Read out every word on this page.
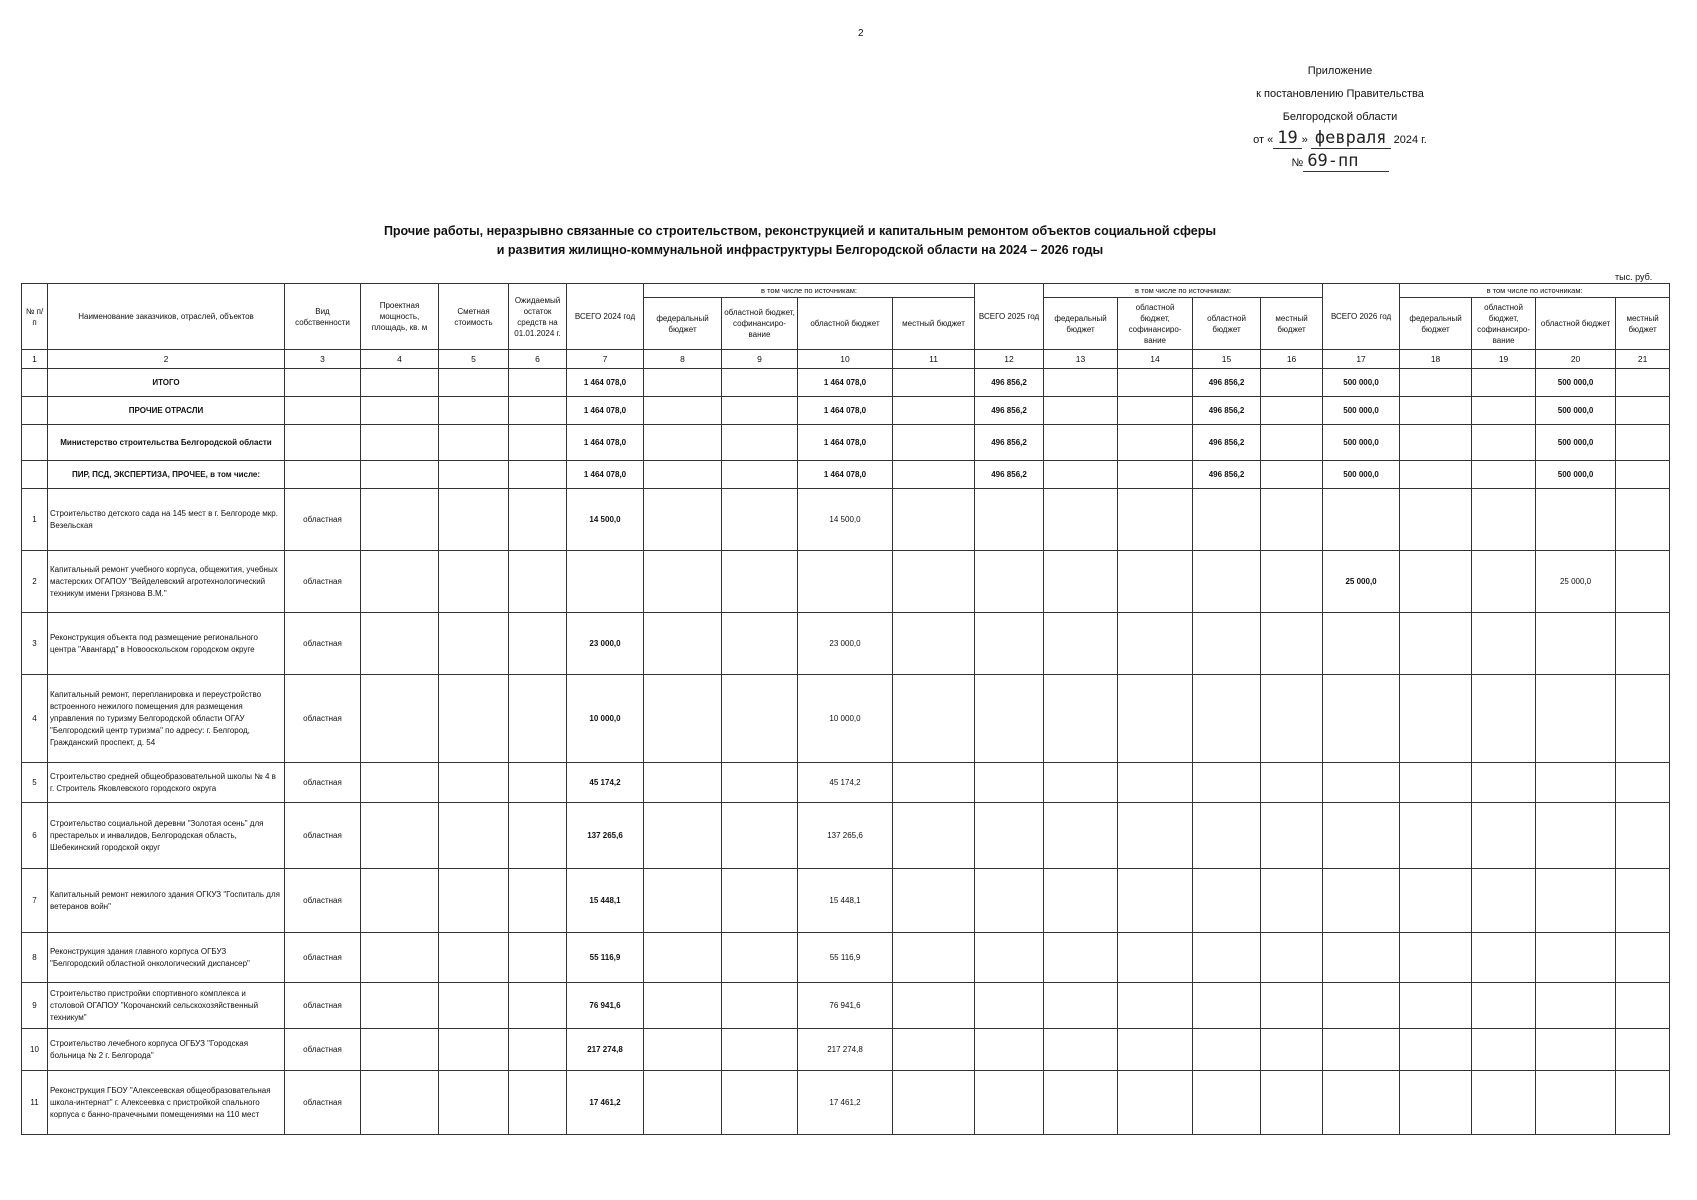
2
Приложение
к постановлению Правительства
Белгородской области
от « 19 » февраля 2024 г.
№ 69-пп
Прочие работы, неразрывно связанные со строительством, реконструкцией и капитальным ремонтом объектов социальной сферы
и развития жилищно-коммунальной инфраструктуры Белгородской области на 2024 – 2026 годы
тыс. руб.
№ п/п	Наименование заказчиков, отраслей, объектов	Вид собственности	Проектная мощность, площадь, кв. м	Сметная стоимость	Ожидаемый остаток средств на 01.01.2024 г.	ВСЕГО 2024 год	в том числе по источникам:				ВСЕГО 2025 год	в том числе по источникам:				ВСЕГО 2026 год	в том числе по источникам:			
							федеральный бюджет	областной бюджет, софинансиро-вание	областной бюджет	местный бюджет		федеральный бюджет	областной бюджет, софинансиро-вание	областной бюджет	местный бюджет		федеральный бюджет	областной бюджет, софинансиро-вание	областной бюджет	местный бюджет
1	2	3	4	5	6	7	8	9	10	11	12	13	14	15	16	17	18	19	20	21
	ИТОГО					1 464 078,0			1 464 078,0		496 856,2			496 856,2		500 000,0			500 000,0	
	ПРОЧИЕ ОТРАСЛИ					1 464 078,0			1 464 078,0		496 856,2			496 856,2		500 000,0			500 000,0	
	Министерство строительства Белгородской области					1 464 078,0			1 464 078,0		496 856,2			496 856,2		500 000,0			500 000,0	
	ПИР, ПСД, ЭКСПЕРТИЗА, ПРОЧЕЕ, в том числе:					1 464 078,0			1 464 078,0		496 856,2			496 856,2		500 000,0			500 000,0	
1	Строительство детского сада на 145 мест в г. Белгороде мкр. Везельская	областная				14 500,0			14 500,0											
2	Капитальный ремонт учебного корпуса, общежития, учебных мастерских ОГАПОУ "Вейделевский агротехнологический техникум имени Грязнова В.М."	областная														25 000,0			25 000,0	
3	Реконструкция объекта под размещение регионального центра "Авангард" в Новооскольском городском округе	областная				23 000,0			23 000,0											
4	Капитальный ремонт, перепланировка и переустройство встроенного нежилого помещения для размещения управления по туризму Белгородской области ОГАУ "Белгородский центр туризма" по адресу: г. Белгород, Гражданский проспект, д. 54	областная				10 000,0			10 000,0											
5	Строительство средней общеобразовательной школы № 4 в г. Строитель Яковлевского городского округа	областная				45 174,2			45 174,2											
6	Строительство социальной деревни "Золотая осень" для престарелых и инвалидов, Белгородская область, Шебекинский городской округ	областная				137 265,6			137 265,6											
7	Капитальный ремонт нежилого здания ОГКУЗ "Госпиталь для ветеранов войн"	областная				15 448,1			15 448,1											
8	Реконструкция здания главного корпуса ОГБУЗ "Белгородский областной онкологический диспансер"	областная				55 116,9			55 116,9											
9	Строительство пристройки спортивного комплекса и столовой ОГАПОУ "Корочанский сельскохозяйственный техникум"	областная				76 941,6			76 941,6											
10	Строительство лечебного корпуса ОГБУЗ "Городская больница № 2 г. Белгорода"	областная				217 274,8			217 274,8											
11	Реконструкция ГБОУ "Алексеевская общеобразовательная школа-интернат" г. Алексеевка с пристройкой спального корпуса с банно-прачечными помещениями на 110 мест	областная				17 461,2			17 461,2											
